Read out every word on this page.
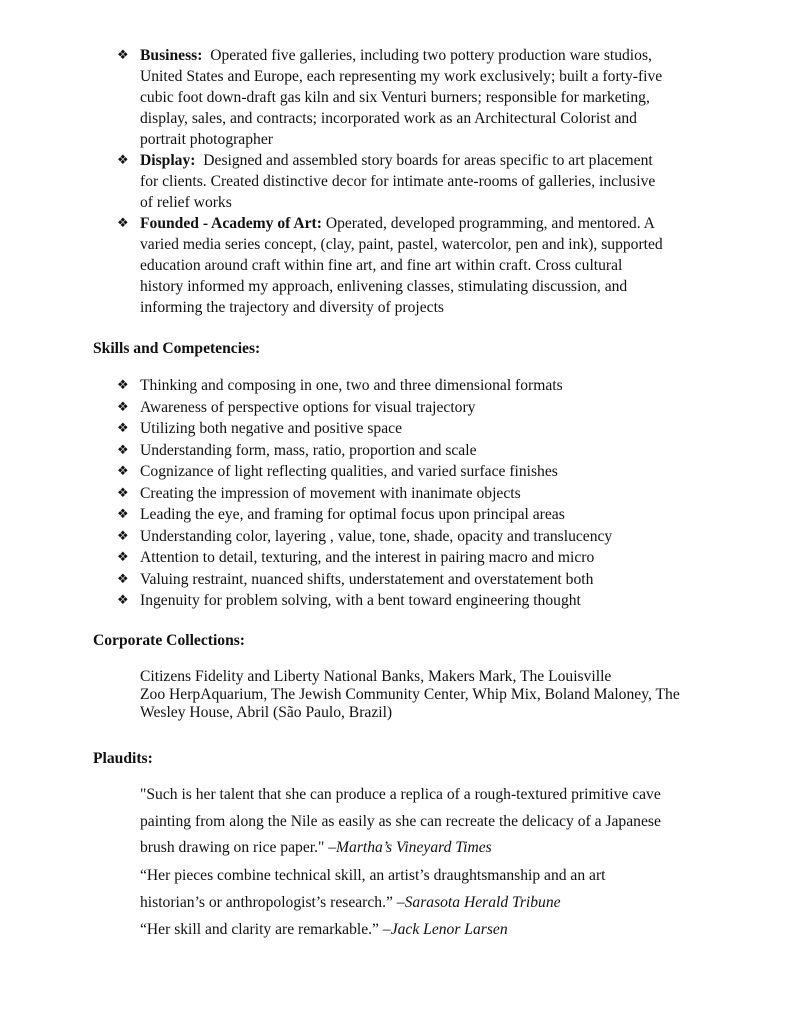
❖ Business: Operated five galleries, including two pottery production ware studios,
United States and Europe, each representing my work exclusively; built a forty-five
cubic foot down-draft gas kiln and six Venturi burners; responsible for marketing,
display, sales, and contracts; incorporated work as an Architectural Colorist and
portrait photographer
❖ Display: Designed and assembled story boards for areas specific to art placement
for clients. Created distinctive decor for intimate ante-rooms of galleries, inclusive
of relief works
❖ Founded - Academy of Art: Operated, developed programming, and mentored. A
varied media series concept, (clay, paint, pastel, watercolor, pen and ink), supported
education around craft within fine art, and fine art within craft. Cross cultural
history informed my approach, enlivening classes, stimulating discussion, and
informing the trajectory and diversity of projects
Skills and Competencies:
❖ Thinking and composing in one, two and three dimensional formats
❖ Awareness of perspective options for visual trajectory
❖ Utilizing both negative and positive space
❖ Understanding form, mass, ratio, proportion and scale
❖ Cognizance of light reflecting qualities, and varied surface finishes
❖ Creating the impression of movement with inanimate objects
❖ Leading the eye, and framing for optimal focus upon principal areas
❖ Understanding color, layering , value, tone, shade, opacity and translucency
❖ Attention to detail, texturing, and the interest in pairing macro and micro
❖ Valuing restraint, nuanced shifts, understatement and overstatement both
❖ Ingenuity for problem solving, with a bent toward engineering thought
Corporate Collections:
Citizens Fidelity and Liberty National Banks, Makers Mark, The Louisville
Zoo HerpAquarium, The Jewish Community Center, Whip Mix, Boland Maloney, The
Wesley House, Abril (São Paulo, Brazil)
Plaudits:
"Such is her talent that she can produce a replica of a rough-textured primitive cave
painting from along the Nile as easily as she can recreate the delicacy of a Japanese
brush drawing on rice paper." –Martha’s Vineyard Times
“Her pieces combine technical skill, an artist’s draughtsmanship and an art
historian’s or anthropologist’s research.” –Sarasota Herald Tribune
“Her skill and clarity are remarkable.” –Jack Lenor Larsen
